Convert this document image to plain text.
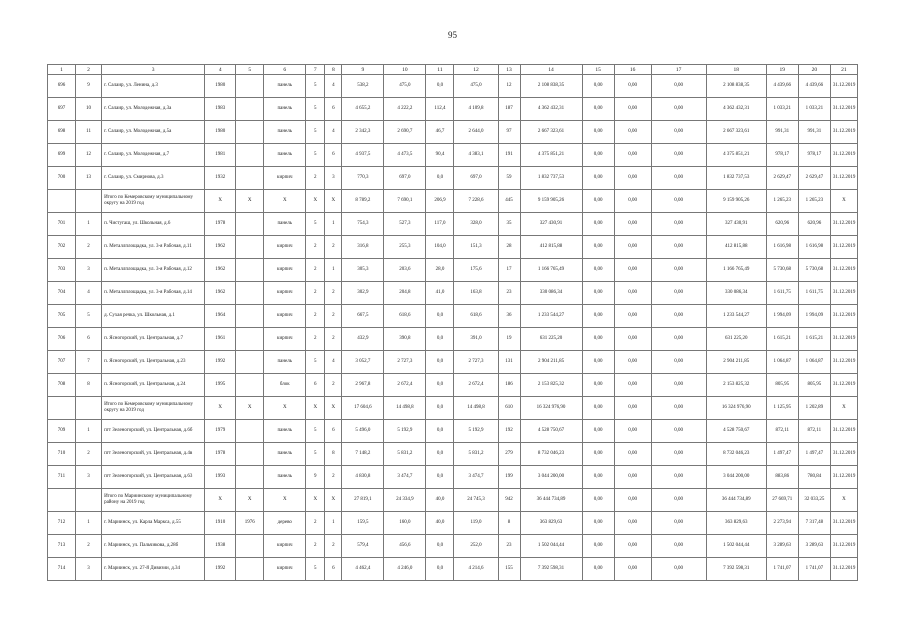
95
1	2	3	4	5	6	7	8	9	10	11	12	13	14	15	16	17	18	19	20	21
696	9	г. Салаир, ул. Ленина, д.3	1980		панель	5	4	538,2	475,0	0,0	475,0	12	2 108 838,35	0,00	0,00	0,00	2 108 838,35	4 439,66	4 439,66	31.12.2019
697	10	г. Салаир, ул. Молодежная, д.3а	1983		панель	5	6	4 655,2	4 222,2	112,4	4 109,8	187	4 362 432,31	0,00	0,00	0,00	4 362 432,31	1 033,21	1 033,21	31.12.2019
698	11	г. Салаир, ул. Молодежная, д.5а	1980		панель	5	4	2 342,3	2 690,7	46,7	2 644,0	97	2 667 323,61	0,00	0,00	0,00	2 667 323,61	991,31	991,31	31.12.2019
699	12	г. Салаир, ул. Молодежная, д.7	1981		панель	5	6	4 937,5	4 473,5	90,4	4 383,1	191	4 375 851,21	0,00	0,00	0,00	4 375 851,21	978,17	978,17	31.12.2019
700	13	г. Салаир, ул. Смирнова, д.3	1932		кирпич	2	3	770,3	697,0	0,0	697,0	59	1 832 737,53	0,00	0,00	0,00	1 832 737,53	2 629,47	2 629,47	31.12.2019
		Итого по Кемеровскому муниципальному округу на 2019 год	X	X	X	X	X	8 789,2	7 690,1	206,9	7 228,6	445	9 159 905,26	0,00	0,00	0,00	9 159 905,26	1 265,23	1 265,23	X
701	1	п. Чистугаш, ул. Школьная, д.6	1978		панель	5	1	754,3	527,3	117,0	328,0	35	327 430,91	0,00	0,00	0,00	327 430,91	620,96	620,96	31.12.2019
702	2	п. Металлплощадка, ул. 3-я Рабочая, д.11	1962		кирпич	2	2	316,8	255,3	104,0	151,3	28	412 815,88	0,00	0,00	0,00	412 815,88	1 616,98	1 616,98	31.12.2019
703	3	п. Металлплощадка, ул. 3-я Рабочая, д.12	1962		кирпич	2	1	305,3	203,6	28,0	175,6	17	1 166 765,49	0,00	0,00	0,00	1 166 765,49	5 730,68	5 730,68	31.12.2019
704	4	п. Металлплощадка, ул. 3-я Рабочая, д.14	1962		кирпич	2	2	302,9	204,8	41,0	163,8	23	330 086,34	0,00	0,00	0,00	330 086,34	1 611,75	1 611,75	31.12.2019
705	5	д. Сухая речка, ул. Школьная, д.1	1964		кирпич	2	2	667,5	618,6	0,0	618,6	36	1 233 544,27	0,00	0,00	0,00	1 233 544,27	1 994,09	1 994,09	31.12.2019
706	6	п. Ясногорский, ул. Центральная, д.7	1961		кирпич	2	2	432,9	390,8	0,0	391,0	19	631 225,20	0,00	0,00	0,00	631 225,20	1 615,21	1 615,21	31.12.2019
707	7	п. Ясногорский, ул. Центральная, д.23	1992		панель	5	4	3 052,7	2 727,3	0,0	2 727,3	131	2 904 211,85	0,00	0,00	0,00	2 904 211,85	1 064,87	1 064,87	31.12.2019
708	8	п. Ясногорский, ул. Центральная, д.24	1995		блок	6	2	2 967,8	2 672,4	0,0	2 672,4	186	2 153 825,32	0,00	0,00	0,00	2 153 825,32	805,95	805,95	31.12.2019
		Итого по Кемеровскому муниципальному округу на 2019 год	X	X	X	X	X	17 604,6	14 498,8	0,0	14 498,8	610	16 324 976,90	0,00	0,00	0,00	16 324 976,90	1 125,95	1 202,89	X
709	1	пгт Зеленогорский, ул. Центральная, д.6б	1979		панель	5	6	5 496,0	5 192,9	0,0	5 192,9	192	4 528 750,67	0,00	0,00	0,00	4 528 750,67	872,11	872,11	31.12.2019
710	2	пгт Зеленогорский, ул. Центральная, д.4в	1978		панель	5	8	7 148,2	5 831,2	0,0	5 831,2	279	8 732 046,23	0,00	0,00	0,00	8 732 046,23	1 497,47	1 497,47	31.12.2019
711	3	пгт Зеленогорский, ул. Центральная, д.63	1993		панель	9	2	4 830,8	3 474,7	0,0	3 474,7	199	3 044 200,00	0,00	0,00	0,00	3 044 200,00	883,86	780,84	31.12.2019
		Итого по Мариинскому муниципальному району на 2019 год	X	X	X	X	X	27 819,1	24 334,9	40,0	24 745,3	942	36 444 734,89	0,00	0,00	0,00	36 444 734,89	27 669,71	32 033,25	X
712	1	г. Мариинск, ул. Карла Маркса, д.55	1910	1976	дерево	2	1	159,5	160,0	40,0	119,0	8	363 829,63	0,00	0,00	0,00	363 829,63	2 273,94	7 317,48	31.12.2019
713	2	г. Мариинск, ул. Пальчикова, д.28б	1938		кирпич	2	2	579,4	456,6	0,0	252,0	23	1 502 044,44	0,00	0,00	0,00	1 502 044,44	3 289,63	3 289,63	31.12.2019
714	3	г. Мариинск, ул. 27-й Дивизии, д.34	1992		кирпич	5	6	4 462,4	4 246,0	0,0	4 214,6	155	7 392 598,31	0,00	0,00	0,00	7 392 598,31	1 741,07	1 741,07	31.12.2019
